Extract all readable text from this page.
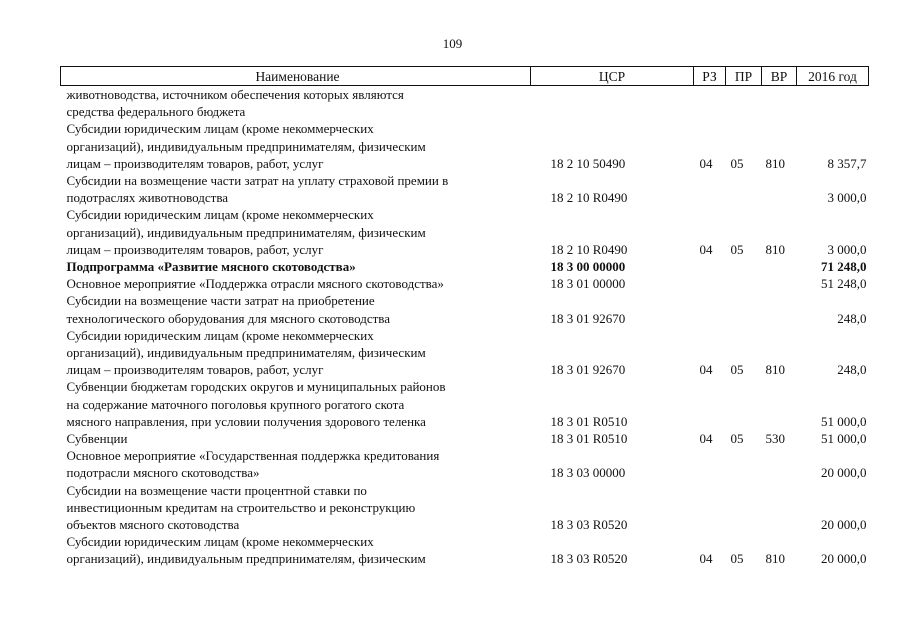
109
Наименование	ЦСР	РЗ	ПР	ВР	2016 год

животноводства, источником обеспечения которых являются
средства федерального бюджета					

Субсидии юридическим лицам (кроме некоммерческих
организаций), индивидуальным предпринимателям, физическим
лицам – производителям товаров, работ, услуг	18 2 10 50490	04	05	810	8 357,7

Субсидии на возмещение части затрат на уплату страховой премии в
подотраслях животноводства	18 2 10 R0490				3 000,0

Субсидии юридическим лицам (кроме некоммерческих
организаций), индивидуальным предпринимателям, физическим
лицам – производителям товаров, работ, услуг	18 2 10 R0490	04	05	810	3 000,0

Подпрограмма «Развитие мясного скотоводства»	18 3 00 00000				71 248,0

Основное мероприятие «Поддержка отрасли мясного скотоводства»	18 3 01 00000				51 248,0

Субсидии на возмещение части затрат на приобретение
технологического оборудования для мясного скотоводства	18 3 01 92670				248,0

Субсидии юридическим лицам (кроме некоммерческих
организаций), индивидуальным предпринимателям, физическим
лицам – производителям товаров, работ, услуг	18 3 01 92670	04	05	810	248,0

Субвенции бюджетам городских округов и муниципальных районов
на содержание маточного поголовья крупного рогатого скота
мясного направления, при условии получения здорового теленка	18 3 01 R0510				51 000,0

Субвенции	18 3 01 R0510	04	05	530	51 000,0

Основное мероприятие «Государственная поддержка кредитования
подотрасли мясного скотоводства»	18 3 03 00000				20 000,0

Субсидии на возмещение части процентной ставки по
инвестиционным кредитам на строительство и реконструкцию
объектов мясного скотоводства	18 3 03 R0520				20 000,0

Субсидии юридическим лицам (кроме некоммерческих
организаций), индивидуальным предпринимателям, физическим	18 3 03 R0520	04	05	810	20 000,0
